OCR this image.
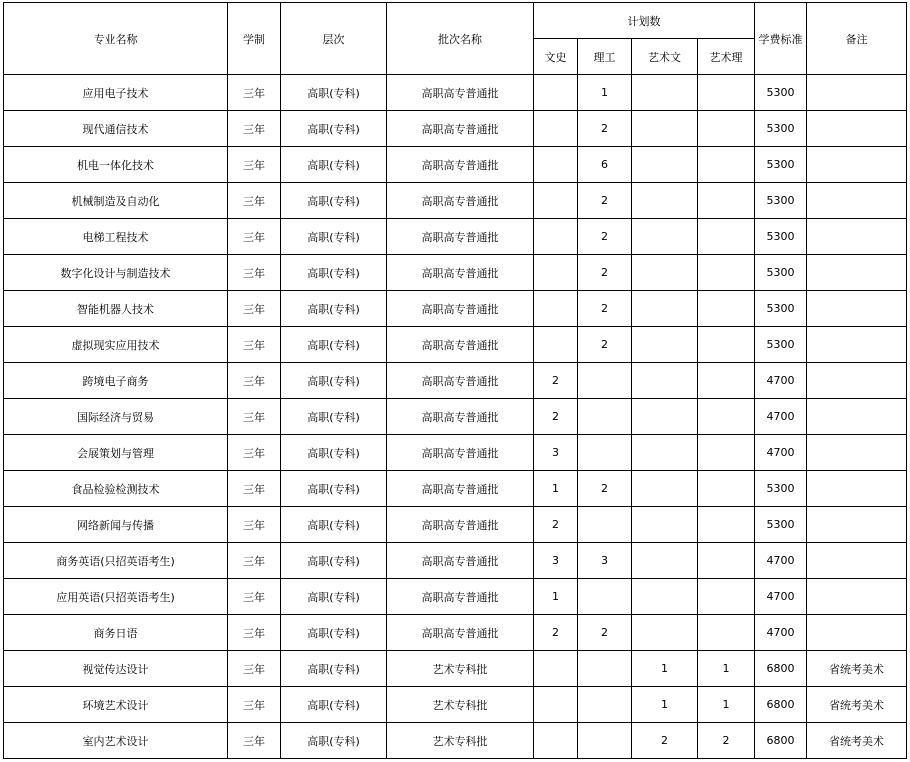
专业名称	学制	层次	批次名称	计划数				学费标准	备注
				文史	理工	艺术文	艺术理		
应用电子技术	三年	高职(专科)	高职高专普通批		1			5300	
现代通信技术	三年	高职(专科)	高职高专普通批		2			5300	
机电一体化技术	三年	高职(专科)	高职高专普通批		6			5300	
机械制造及自动化	三年	高职(专科)	高职高专普通批		2			5300	
电梯工程技术	三年	高职(专科)	高职高专普通批		2			5300	
数字化设计与制造技术	三年	高职(专科)	高职高专普通批		2			5300	
智能机器人技术	三年	高职(专科)	高职高专普通批		2			5300	
虚拟现实应用技术	三年	高职(专科)	高职高专普通批		2			5300	
跨境电子商务	三年	高职(专科)	高职高专普通批	2				4700	
国际经济与贸易	三年	高职(专科)	高职高专普通批	2				4700	
会展策划与管理	三年	高职(专科)	高职高专普通批	3				4700	
食品检验检测技术	三年	高职(专科)	高职高专普通批	1	2			5300	
网络新闻与传播	三年	高职(专科)	高职高专普通批	2				5300	
商务英语(只招英语考生)	三年	高职(专科)	高职高专普通批	3	3			4700	
应用英语(只招英语考生)	三年	高职(专科)	高职高专普通批	1				4700	
商务日语	三年	高职(专科)	高职高专普通批	2	2			4700	
视觉传达设计	三年	高职(专科)	艺术专科批			1	1	6800	省统考美术
环境艺术设计	三年	高职(专科)	艺术专科批			1	1	6800	省统考美术
室内艺术设计	三年	高职(专科)	艺术专科批			2	2	6800	省统考美术
